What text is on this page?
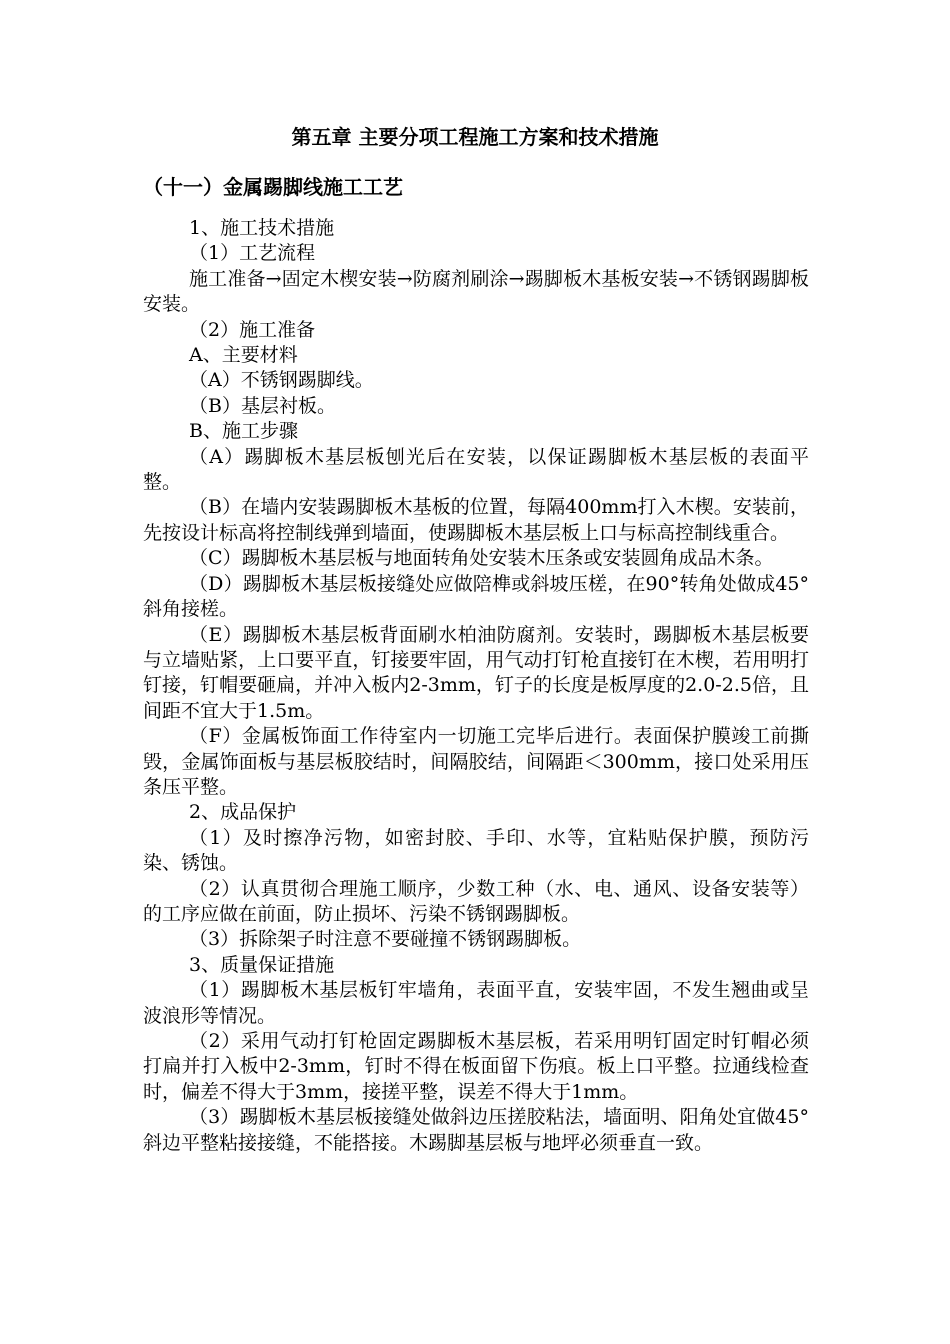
第五章 主要分项工程施工方案和技术措施
（十一）金属踢脚线施工工艺

1、施工技术措施

（1）工艺流程

施工准备→固定木楔安装→防腐剂刷涂→踢脚板木基板安装→不锈钢踢脚板安装。

（2）施工准备

A、主要材料

（A）不锈钢踢脚线。

（B）基层衬板。

B、施工步骤

（A）踢脚板木基层板刨光后在安装，以保证踢脚板木基层板的表面平整。

（B）在墙内安装踢脚板木基板的位置，每隔400mm打入木楔。安装前，先按设计标高将控制线弹到墙面，使踢脚板木基层板上口与标高控制线重合。

（C）踢脚板木基层板与地面转角处安装木压条或安装圆角成品木条。

（D）踢脚板木基层板接缝处应做陪榫或斜坡压槎，在90°转角处做成45°斜角接槎。

（E）踢脚板木基层板背面刷水柏油防腐剂。安装时，踢脚板木基层板要与立墙贴紧，上口要平直，钉接要牢固，用气动打钉枪直接钉在木楔，若用明打钉接，钉帽要砸扁，并冲入板内2-3mm，钉子的长度是板厚度的2.0-2.5倍，且间距不宜大于1.5m。

（F）金属板饰面工作待室内一切施工完毕后进行。表面保护膜竣工前撕毁，金属饰面板与基层板胶结时，间隔胶结，间隔距＜300mm，接口处采用压条压平整。

2、成品保护

（1）及时擦净污物，如密封胶、手印、水等，宜粘贴保护膜，预防污染、锈蚀。

（2）认真贯彻合理施工顺序，少数工种（水、电、通风、设备安装等）的工序应做在前面，防止损坏、污染不锈钢踢脚板。

（3）拆除架子时注意不要碰撞不锈钢踢脚板。

3、质量保证措施

（1）踢脚板木基层板钉牢墙角，表面平直，安装牢固，不发生翘曲或呈波浪形等情况。

（2）采用气动打钉枪固定踢脚板木基层板，若采用明钉固定时钉帽必须打扁并打入板中2-3mm，钉时不得在板面留下伤痕。板上口平整。拉通线检查时，偏差不得大于3mm，接搓平整，误差不得大于1mm。

（3）踢脚板木基层板接缝处做斜边压搓胶粘法，墙面明、阳角处宜做45°斜边平整粘接接缝，不能搭接。木踢脚基层板与地坪必须垂直一致。
